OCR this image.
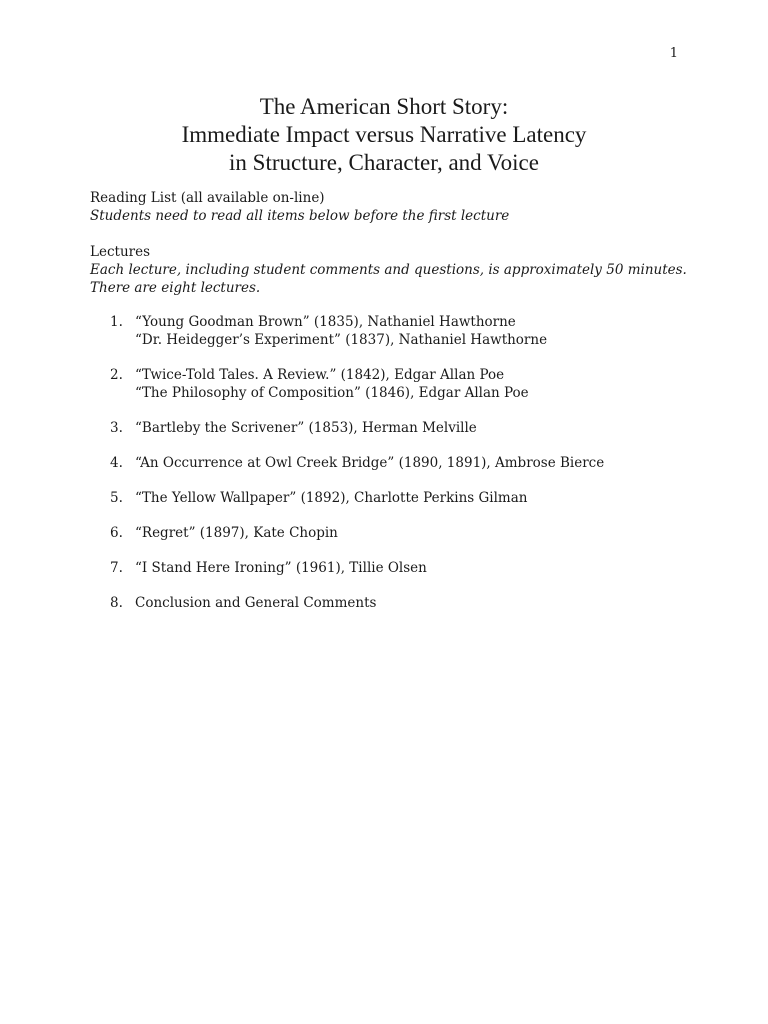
1
The American Short Story:
Immediate Impact versus Narrative Latency
in Structure, Character, and Voice
Reading List (all available on-line)
Students need to read all items below before the first lecture
Lectures
Each lecture, including student comments and questions, is approximately 50 minutes.
There are eight lectures.
1. “Young Goodman Brown” (1835), Nathaniel Hawthorne
“Dr. Heidegger’s Experiment” (1837), Nathaniel Hawthorne
2. “Twice-Told Tales. A Review.” (1842), Edgar Allan Poe
“The Philosophy of Composition” (1846), Edgar Allan Poe
3. “Bartleby the Scrivener” (1853), Herman Melville
4. “An Occurrence at Owl Creek Bridge” (1890, 1891), Ambrose Bierce
5. “The Yellow Wallpaper” (1892), Charlotte Perkins Gilman
6. “Regret” (1897), Kate Chopin
7. “I Stand Here Ironing” (1961), Tillie Olsen
8. Conclusion and General Comments
